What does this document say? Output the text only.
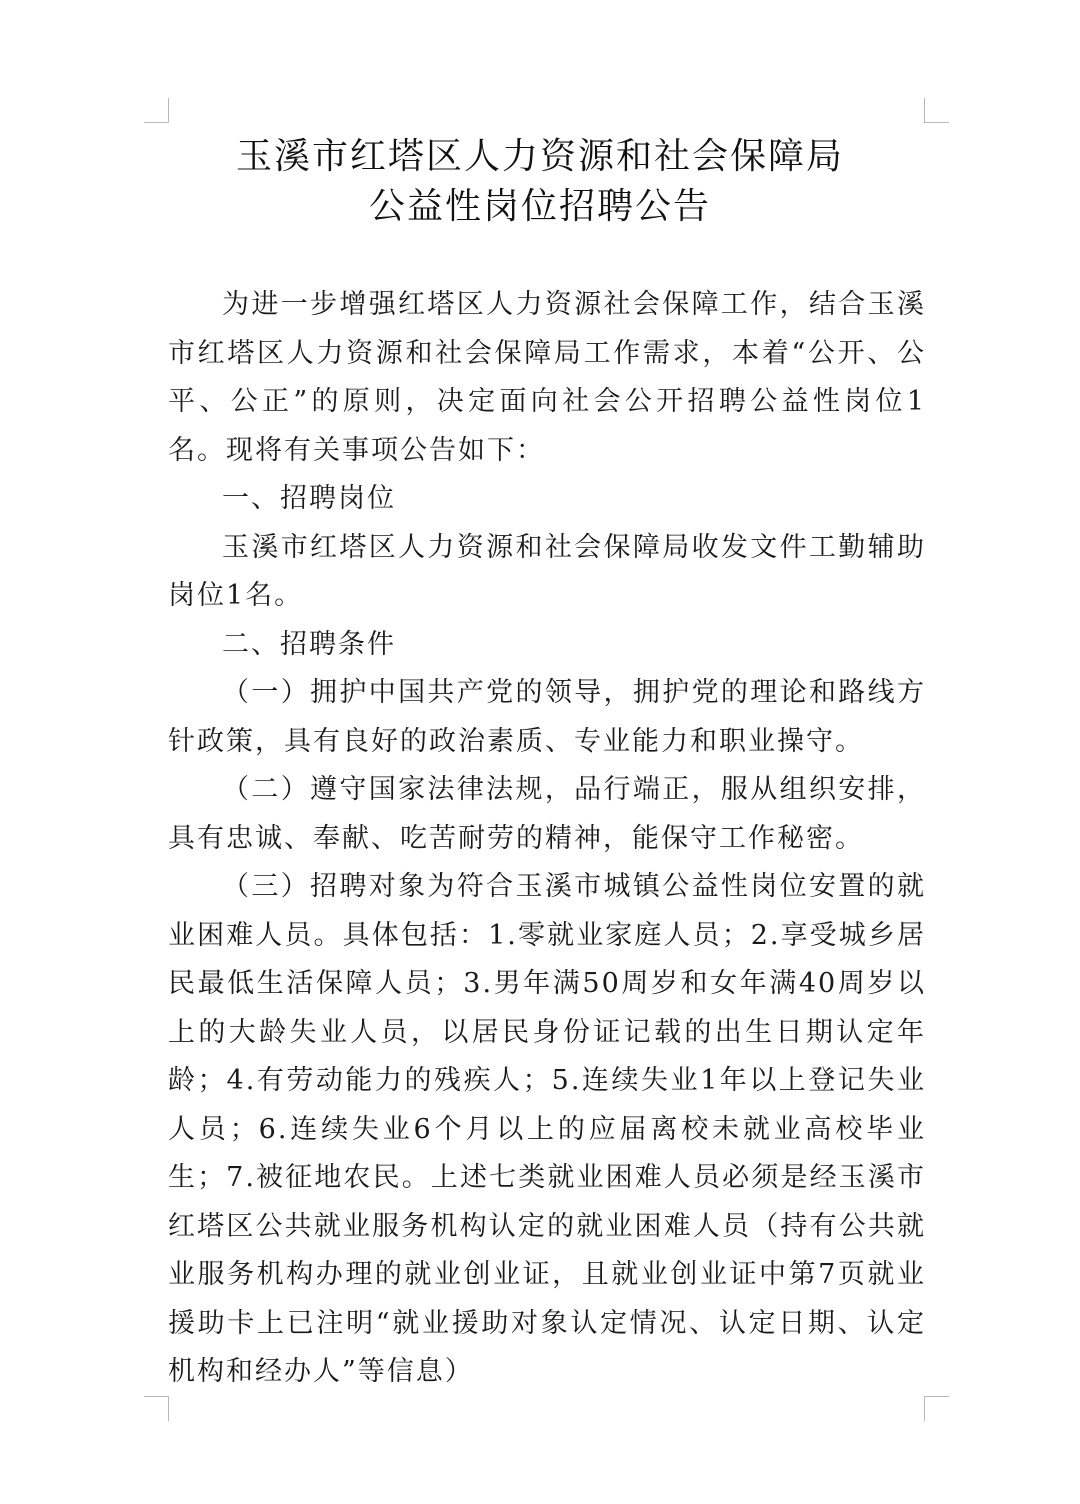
玉溪市红塔区人力资源和社会保障局
公益性岗位招聘公告

为进一步增强红塔区人力资源社会保障工作，结合玉溪市红塔区人力资源和社会保障局工作需求，本着“公开、公平、公正”的原则，决定面向社会公开招聘公益性岗位1名。现将有关事项公告如下：

一、招聘岗位

玉溪市红塔区人力资源和社会保障局收发文件工勤辅助岗位1名。

二、招聘条件

（一）拥护中国共产党的领导，拥护党的理论和路线方针政策，具有良好的政治素质、专业能力和职业操守。

（二）遵守国家法律法规，品行端正，服从组织安排，具有忠诚、奉献、吃苦耐劳的精神，能保守工作秘密。

（三）招聘对象为符合玉溪市城镇公益性岗位安置的就业困难人员。具体包括：1.零就业家庭人员；2.享受城乡居民最低生活保障人员；3.男年满50周岁和女年满40周岁以上的大龄失业人员，以居民身份证记载的出生日期认定年龄；4.有劳动能力的残疾人；5.连续失业1年以上登记失业人员；6.连续失业6个月以上的应届离校未就业高校毕业生；7.被征地农民。上述七类就业困难人员必须是经玉溪市红塔区公共就业服务机构认定的就业困难人员（持有公共就业服务机构办理的就业创业证，且就业创业证中第7页就业援助卡上已注明“就业援助对象认定情况、认定日期、认定机构和经办人”等信息）
